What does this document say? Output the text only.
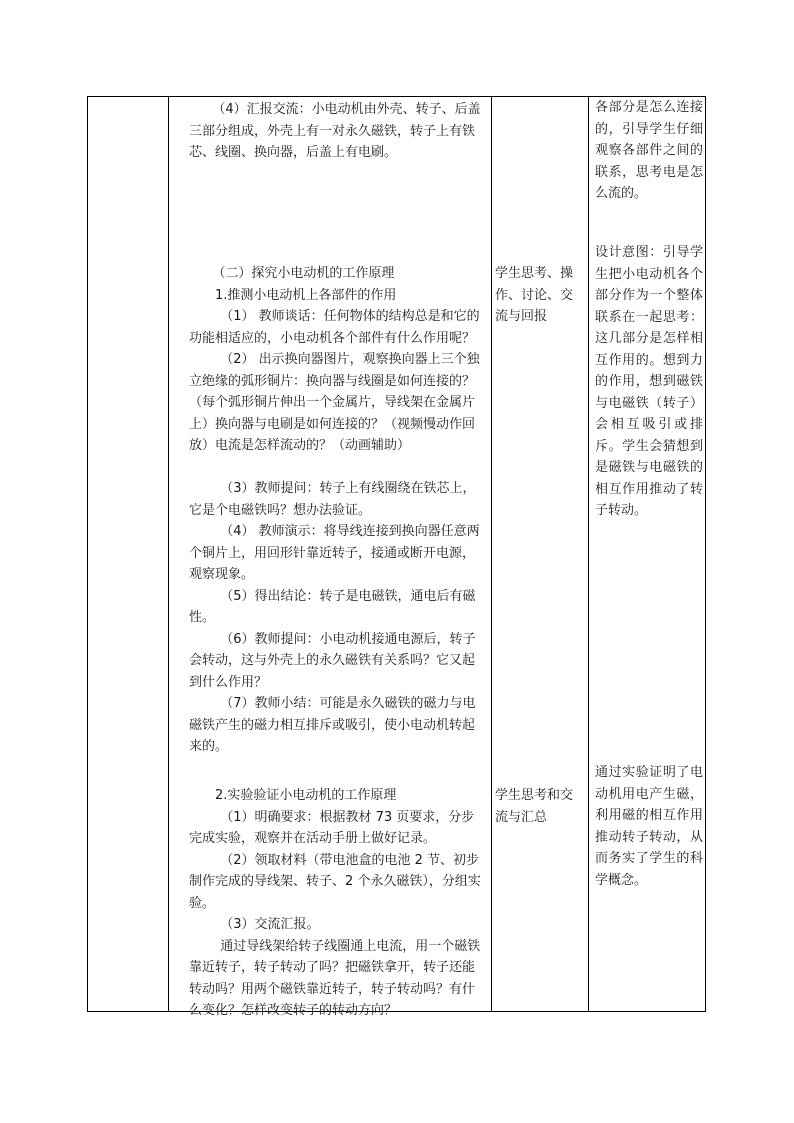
（4）汇报交流：小电动机由外壳、转子、后盖三部分组成，外壳上有一对永久磁铁，转子上有铁芯、线圈、换向器，后盖上有电刷。

（二）探究小电动机的工作原理

1.推测小电动机上各部件的作用

（1） 教师谈话：任何物体的结构总是和它的功能相适应的，小电动机各个部件有什么作用呢？

（2） 出示换向器图片，观察换向器上三个独立绝缘的弧形铜片：换向器与线圈是如何连接的？（每个弧形铜片伸出一个金属片，导线架在金属片上）换向器与电刷是如何连接的？（视频慢动作回放）电流是怎样流动的？（动画辅助）

（3）教师提问：转子上有线圈绕在铁芯上，它是个电磁铁吗？想办法验证。

（4） 教师演示：将导线连接到换向器任意两个铜片上，用回形针靠近转子，接通或断开电源，观察现象。

（5）得出结论：转子是电磁铁，通电后有磁性。

（6）教师提问：小电动机接通电源后，转子会转动，这与外壳上的永久磁铁有关系吗？它又起到什么作用？

（7）教师小结：可能是永久磁铁的磁力与电磁铁产生的磁力相互排斥或吸引，使小电动机转起来的。

2.实验验证小电动机的工作原理

（1）明确要求：根据教材 73 页要求，分步完成实验，观察并在活动手册上做好记录。

（2）领取材料（带电池盒的电池 2 节、初步制作完成的导线架、转子、2 个永久磁铁），分组实验。

（3）交流汇报。

通过导线架给转子线圈通上电流，用一个磁铁靠近转子，转子转动了吗？把磁铁拿开，转子还能转动吗？用两个磁铁靠近转子，转子转动吗？有什么变化？怎样改变转子的转动方向？

学生思考、操作、讨论、交流与回报

学生思考和交流与汇总

各部分是怎么连接的，引导学生仔细观察各部件之间的联系，思考电是怎么流的。

设计意图：引导学生把小电动机各个部分作为一个整体联系在一起思考：这几部分是怎样相互作用的。想到力的作用，想到磁铁与电磁铁（转子）会相互吸引或排斥。学生会猜想到是磁铁与电磁铁的相互作用推动了转子转动。

通过实验证明了电动机用电产生磁，利用磁的相互作用推动转子转动，从而务实了学生的科学概念。
